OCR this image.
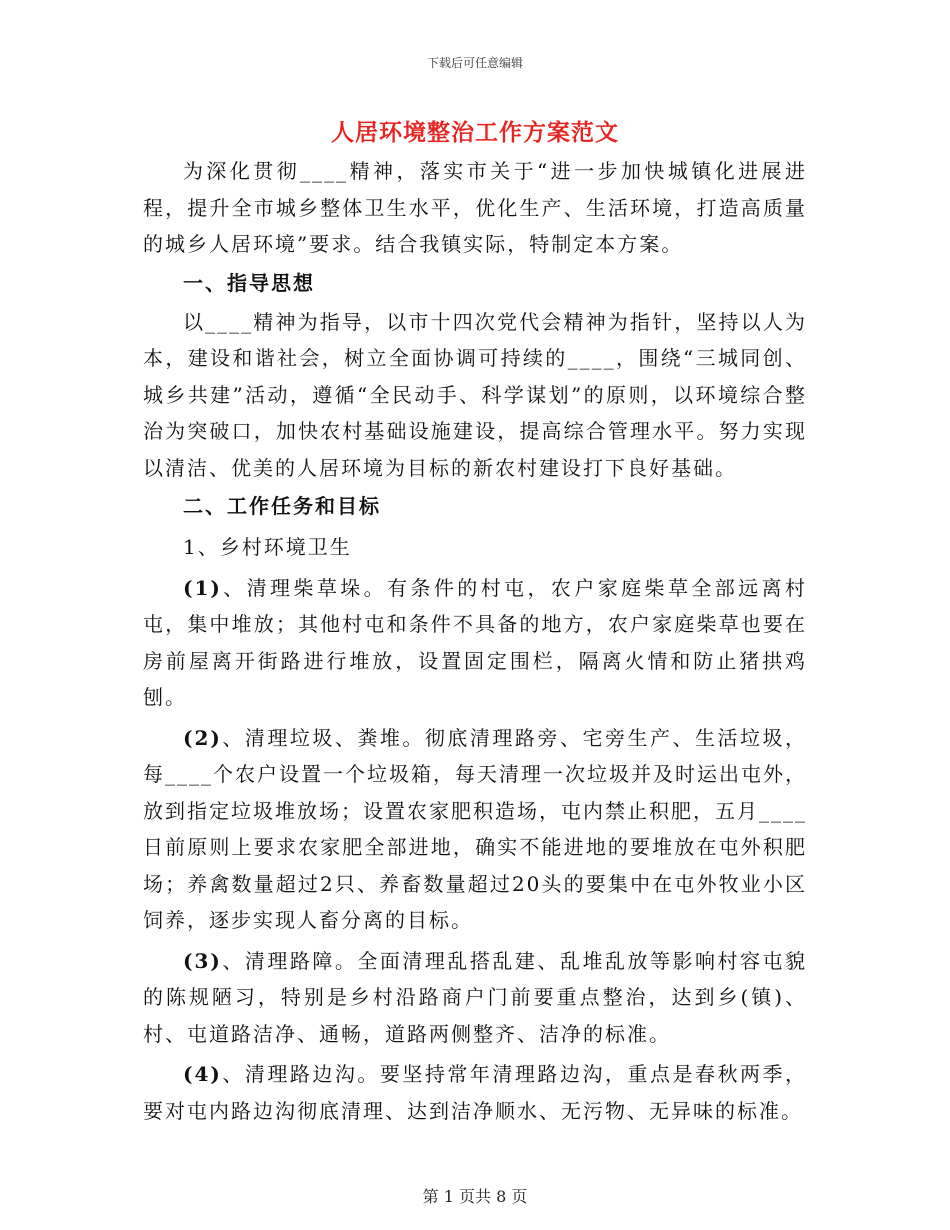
下载后可任意编辑
人居环境整治工作方案范文

为深化贯彻____精神，落实市关于“进一步加快城镇化进展进程，提升全市城乡整体卫生水平，优化生产、生活环境，打造高质量的城乡人居环境”要求。结合我镇实际，特制定本方案。

一、指导思想

以____精神为指导，以市十四次党代会精神为指针，坚持以人为本，建设和谐社会，树立全面协调可持续的____，围绕“三城同创、城乡共建”活动，遵循“全民动手、科学谋划”的原则，以环境综合整治为突破口，加快农村基础设施建设，提高综合管理水平。努力实现以清洁、优美的人居环境为目标的新农村建设打下良好基础。

二、工作任务和目标

1、乡村环境卫生

(1)、清理柴草垛。有条件的村屯，农户家庭柴草全部远离村屯，集中堆放；其他村屯和条件不具备的地方，农户家庭柴草也要在房前屋离开街路进行堆放，设置固定围栏，隔离火情和防止猪拱鸡刨。

(2)、清理垃圾、粪堆。彻底清理路旁、宅旁生产、生活垃圾，每____个农户设置一个垃圾箱，每天清理一次垃圾并及时运出屯外，放到指定垃圾堆放场；设置农家肥积造场，屯内禁止积肥，五月____日前原则上要求农家肥全部进地，确实不能进地的要堆放在屯外积肥场；养禽数量超过2只、养畜数量超过20头的要集中在屯外牧业小区饲养，逐步实现人畜分离的目标。

(3)、清理路障。全面清理乱搭乱建、乱堆乱放等影响村容屯貌的陈规陋习，特别是乡村沿路商户门前要重点整治，达到乡(镇)、村、屯道路洁净、通畅，道路两侧整齐、洁净的标准。

(4)、清理路边沟。要坚持常年清理路边沟，重点是春秋两季，要对屯内路边沟彻底清理、达到洁净顺水、无污物、无异味的标准。

第 1 页共 8 页
